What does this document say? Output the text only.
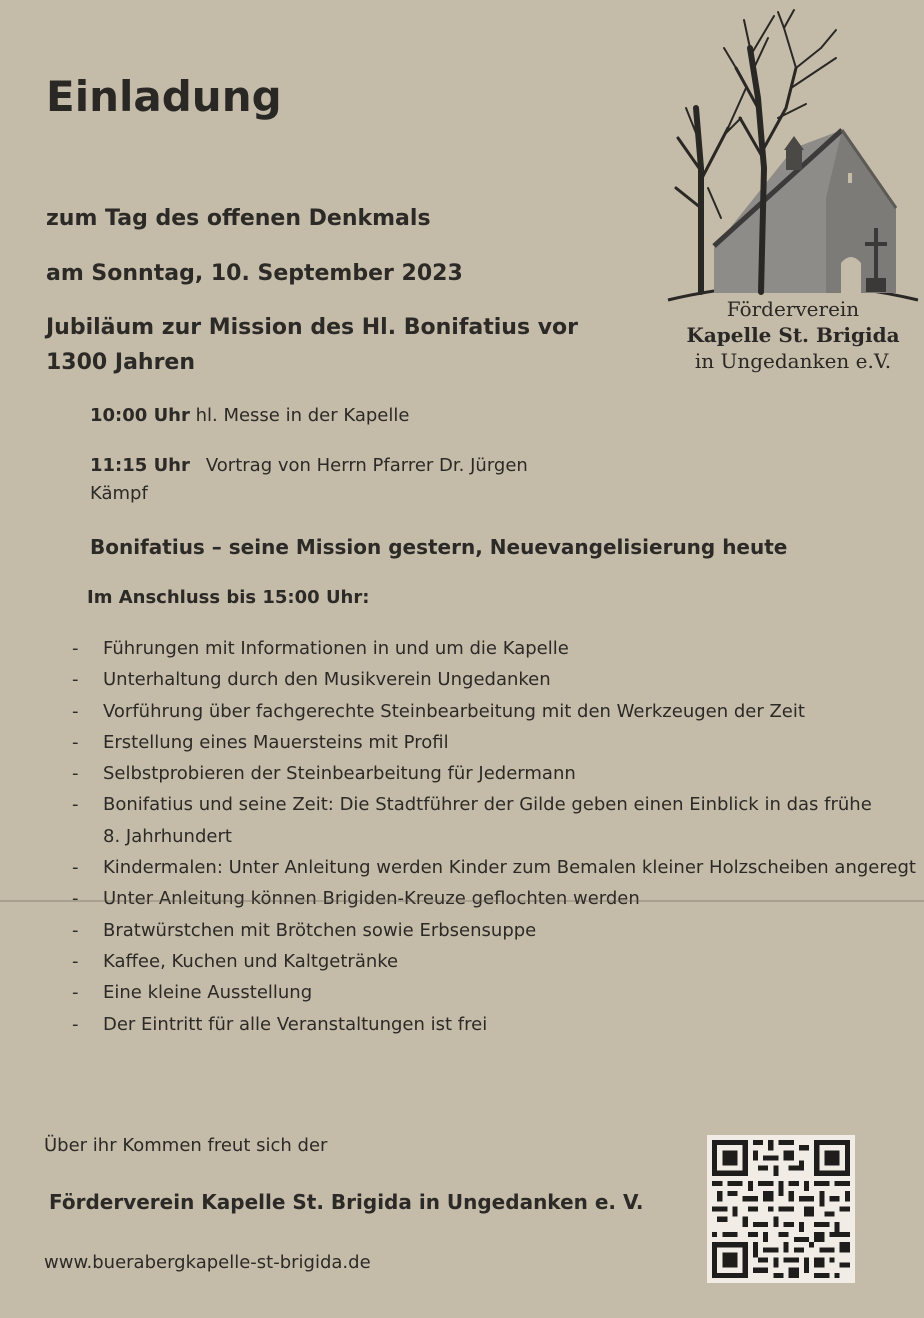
Einladung
zum Tag des offenen Denkmals
am Sonntag, 10. September 2023
Jubiläum zur Mission des Hl. Bonifatius vor
1300 Jahren
10:00 Uhr hl. Messe in der Kapelle
11:15 Uhr Vortrag von Herrn Pfarrer Dr. Jürgen
Kämpf
Bonifatius – seine Mission gestern, Neuevangelisierung heute
Im Anschluss bis 15:00 Uhr:
- Führungen mit Informationen in und um die Kapelle
- Unterhaltung durch den Musikverein Ungedanken
- Vorführung über fachgerechte Steinbearbeitung mit den Werkzeugen der Zeit
- Erstellung eines Mauersteins mit Profil
- Selbstprobieren der Steinbearbeitung für Jedermann
- Bonifatius und seine Zeit: Die Stadtführer der Gilde geben einen Einblick in das frühe
8. Jahrhundert
- Kindermalen: Unter Anleitung werden Kinder zum Bemalen kleiner Holzscheiben angeregt
- Unter Anleitung können Brigiden-Kreuze geflochten werden
- Bratwürstchen mit Brötchen sowie Erbsensuppe
- Kaffee, Kuchen und Kaltgetränke
- Eine kleine Ausstellung
- Der Eintritt für alle Veranstaltungen ist frei
Über ihr Kommen freut sich der
Förderverein Kapelle St. Brigida in Ungedanken e. V.
www.buerabergkapelle-st-brigida.de
Förderverein
Kapelle St. Brigida
in Ungedanken e.V.
